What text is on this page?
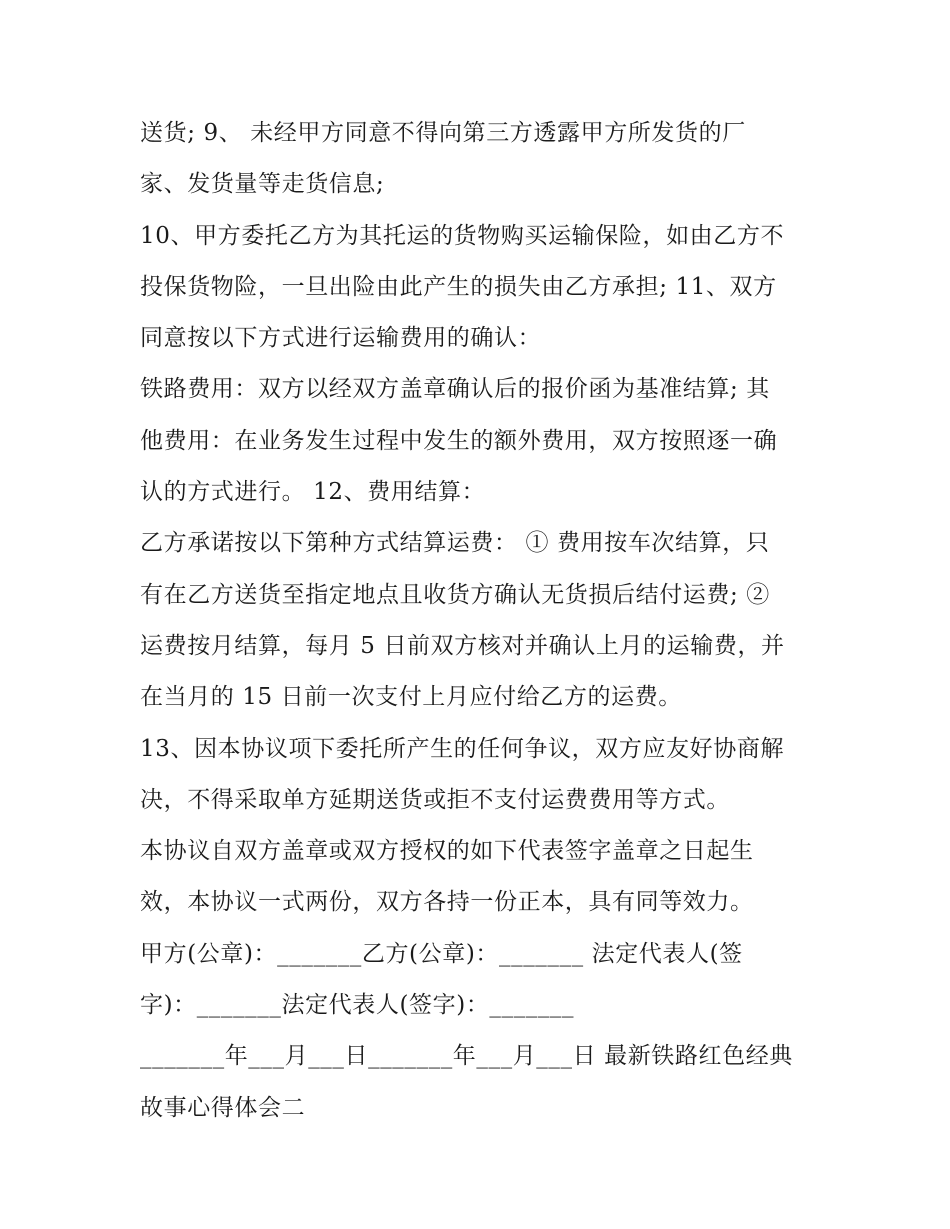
送货; 9、 未经甲方同意不得向第三方透露甲方所发货的厂
家、发货量等走货信息;
10、甲方委托乙方为其托运的货物购买运输保险，如由乙方不
投保货物险，一旦出险由此产生的损失由乙方承担; 11、双方
同意按以下方式进行运输费用的确认：
铁路费用：双方以经双方盖章确认后的报价函为基准结算; 其
他费用：在业务发生过程中发生的额外费用，双方按照逐一确
认的方式进行。 12、费用结算：
乙方承诺按以下第种方式结算运费： ① 费用按车次结算，只
有在乙方送货至指定地点且收货方确认无货损后结付运费; ②
运费按月结算，每月 5 日前双方核对并确认上月的运输费，并
在当月的 15 日前一次支付上月应付给乙方的运费。
13、因本协议项下委托所产生的任何争议，双方应友好协商解
决，不得采取单方延期送货或拒不支付运费费用等方式。
本协议自双方盖章或双方授权的如下代表签字盖章之日起生
效，本协议一式两份，双方各持一份正本，具有同等效力。
甲方(公章)：_______乙方(公章)：_______ 法定代表人(签
字)：_______法定代表人(签字)：_______
_______年___月___日_______年___月___日 最新铁路红色经典
故事心得体会二
